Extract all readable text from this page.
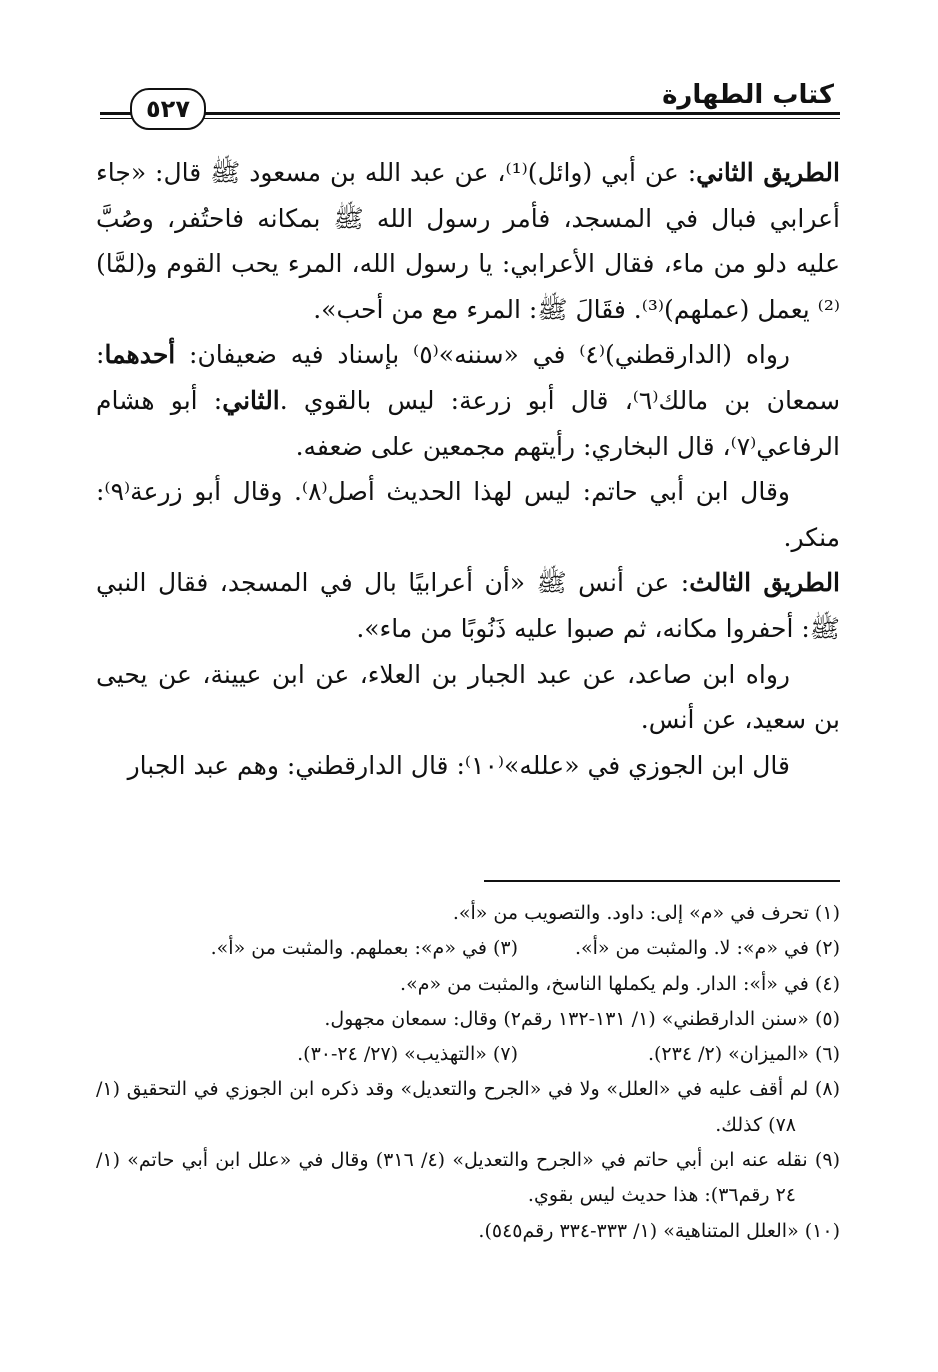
كتاب الطهارة
٥٢٧

الطريق الثاني: عن أبي (وائل)⁽¹⁾، عن عبد الله بن مسعود ﷺ قال: «جاء أعرابي فبال في المسجد، فأمر رسول الله ﷺ بمكانه فاحتُفر، وصُبَّ عليه دلو من ماء، فقال الأعرابي: يا رسول الله، المرء يحب القوم و(لمَّا)⁽²⁾ يعمل (عملهم)⁽³⁾. فقَالَ ﷺ: المرء مع من أحب».

رواه (الدارقطني)⁽٤⁾ في «سننه»⁽٥⁾ بإسناد فيه ضعيفان: أحدهما: سمعان بن مالك⁽٦⁾، قال أبو زرعة: ليس بالقوي .الثاني: أبو هشام الرفاعي⁽٧⁾، قال البخاري: رأيتهم مجمعين على ضعفه.

وقال ابن أبي حاتم: ليس لهذا الحديث أصل⁽٨⁾. وقال أبو زرعة⁽٩⁾: منكر.

الطريق الثالث: عن أنس ﷺ «أن أعرابيًا بال في المسجد، فقال النبي ﷺ: أحفروا مكانه، ثم صبوا عليه ذَنُوبًا من ماء».

رواه ابن صاعد، عن عبد الجبار بن العلاء، عن ابن عيينة، عن يحيى بن سعيد، عن أنس.

قال ابن الجوزي في «علله»⁽١٠⁾: قال الدارقطني: وهم عبد الجبار

(١) تحرف في «م» إلى: داود. والتصويب من «أ».

(٢) في «م»: لا. والمثبت من «أ».

(٣) في «م»: بعملهم. والمثبت من «أ».

(٤) في «أ»: الدار. ولم يكملها الناسخ، والمثبت من «م».

(٥) «سنن الدارقطني» (١/ ١٣١-١٣٢ رقم٢) وقال: سمعان مجهول.

(٦) «الميزان» (٢/ ٢٣٤).

(٧) «التهذيب» (٢٧/ ٢٤-٣٠).

(٨) لم أقف عليه في «العلل» ولا في «الجرح والتعديل» وقد ذكره ابن الجوزي في التحقيق (١/ ٧٨) كذلك.

(٩) نقله عنه ابن أبي حاتم في «الجرح والتعديل» (٤/ ٣١٦) وقال في «علل ابن أبي حاتم» (١/ ٢٤ رقم٣٦): هذا حديث ليس بقوي.

(١٠) «العلل المتناهية» (١/ ٣٣٣-٣٣٤ رقم٥٤٥).
